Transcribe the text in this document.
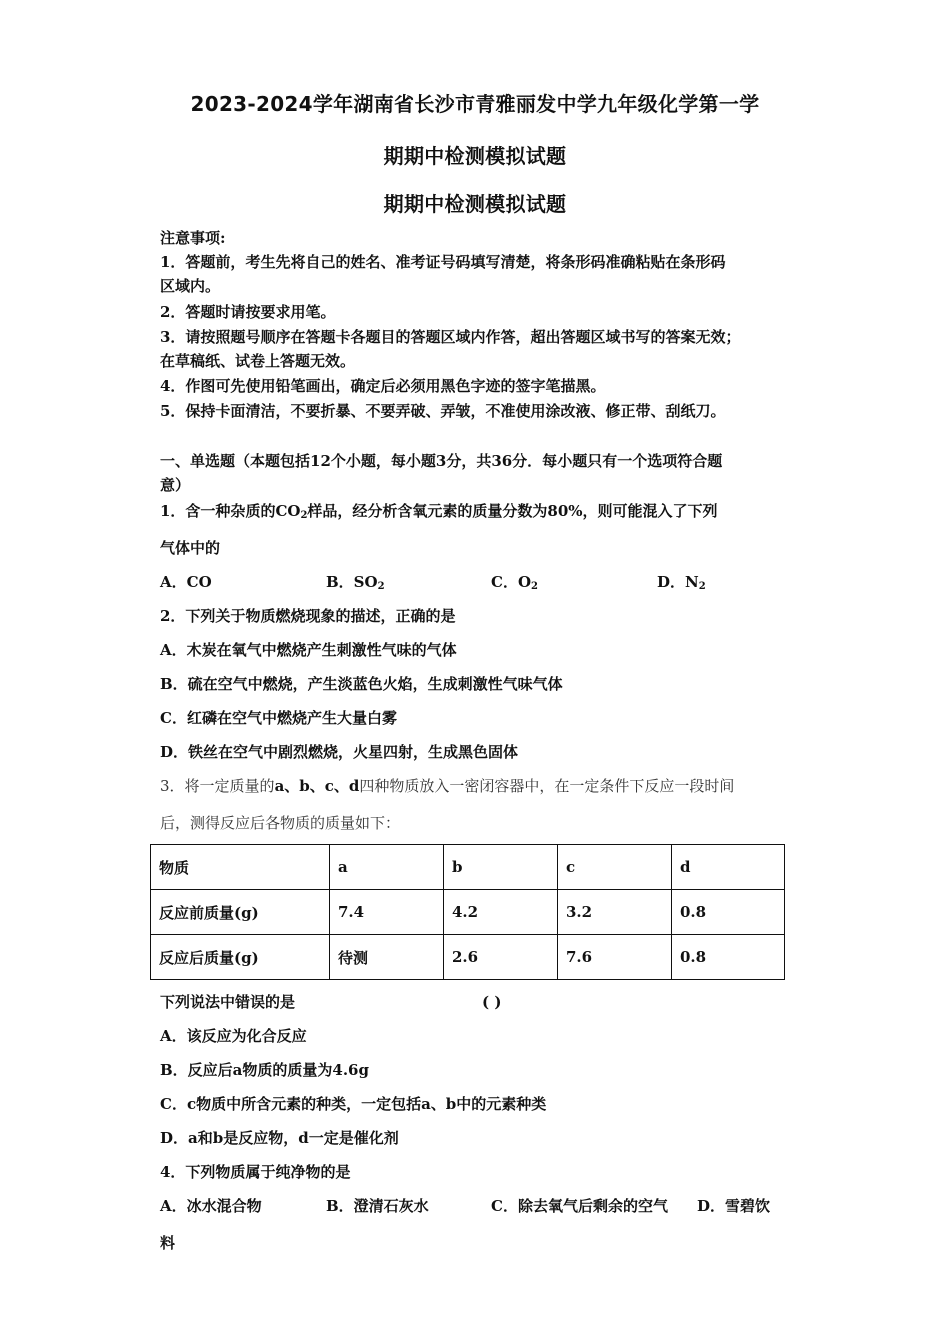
2023-2024学年湖南省长沙市青雅丽发中学九年级化学第一学
期期中检测模拟试题
期期中检测模拟试题
注意事项:
1．答题前，考生先将自己的姓名、准考证号码填写清楚，将条形码准确粘贴在条形码
区域内。
2．答题时请按要求用笔。
3．请按照题号顺序在答题卡各题目的答题区域内作答，超出答题区域书写的答案无效；
在草稿纸、试卷上答题无效。
4．作图可先使用铅笔画出，确定后必须用黑色字迹的签字笔描黑。
5．保持卡面清洁，不要折暴、不要弄破、弄皱，不准使用涂改液、修正带、刮纸刀。
一、单选题（本题包括12个小题，每小题3分，共36分．每小题只有一个选项符合题
意）
1．含一种杂质的$CO_2$样品，经分析含氧元素的质量分数为80%，则可能混入了下列
气体中的
A．CO	B．$SO_2$	C．$O_2$	D．$N_2$
2．下列关于物质燃烧现象的描述，正确的是
A．木炭在氧气中燃烧产生刺激性气味的气体
B．硫在空气中燃烧，产生淡蓝色火焰，生成刺激性气味气体
C．红磷在空气中燃烧产生大量白雾
D．铁丝在空气中剧烈燃烧，火星四射，生成黑色固体
3．将一定质量的a、b、c、d四种物质放入一密闭容器中，在一定条件下反应一段时间
后，测得反应后各物质的质量如下：
物质	a	b	c	d
反应前质量(g)	7.4	4.2	3.2	0.8
反应后质量(g)	待测	2.6	7.6	0.8
下列说法中错误的是	( )
A．该反应为化合反应
B．反应后a物质的质量为4.6g
C．c物质中所含元素的种类，一定包括a、b中的元素种类
D．a和b是反应物，d一定是催化剂
4．下列物质属于纯净物的是
A．冰水混合物	B．澄清石灰水	C．除去氧气后剩余的空气 D．雪碧饮
料
